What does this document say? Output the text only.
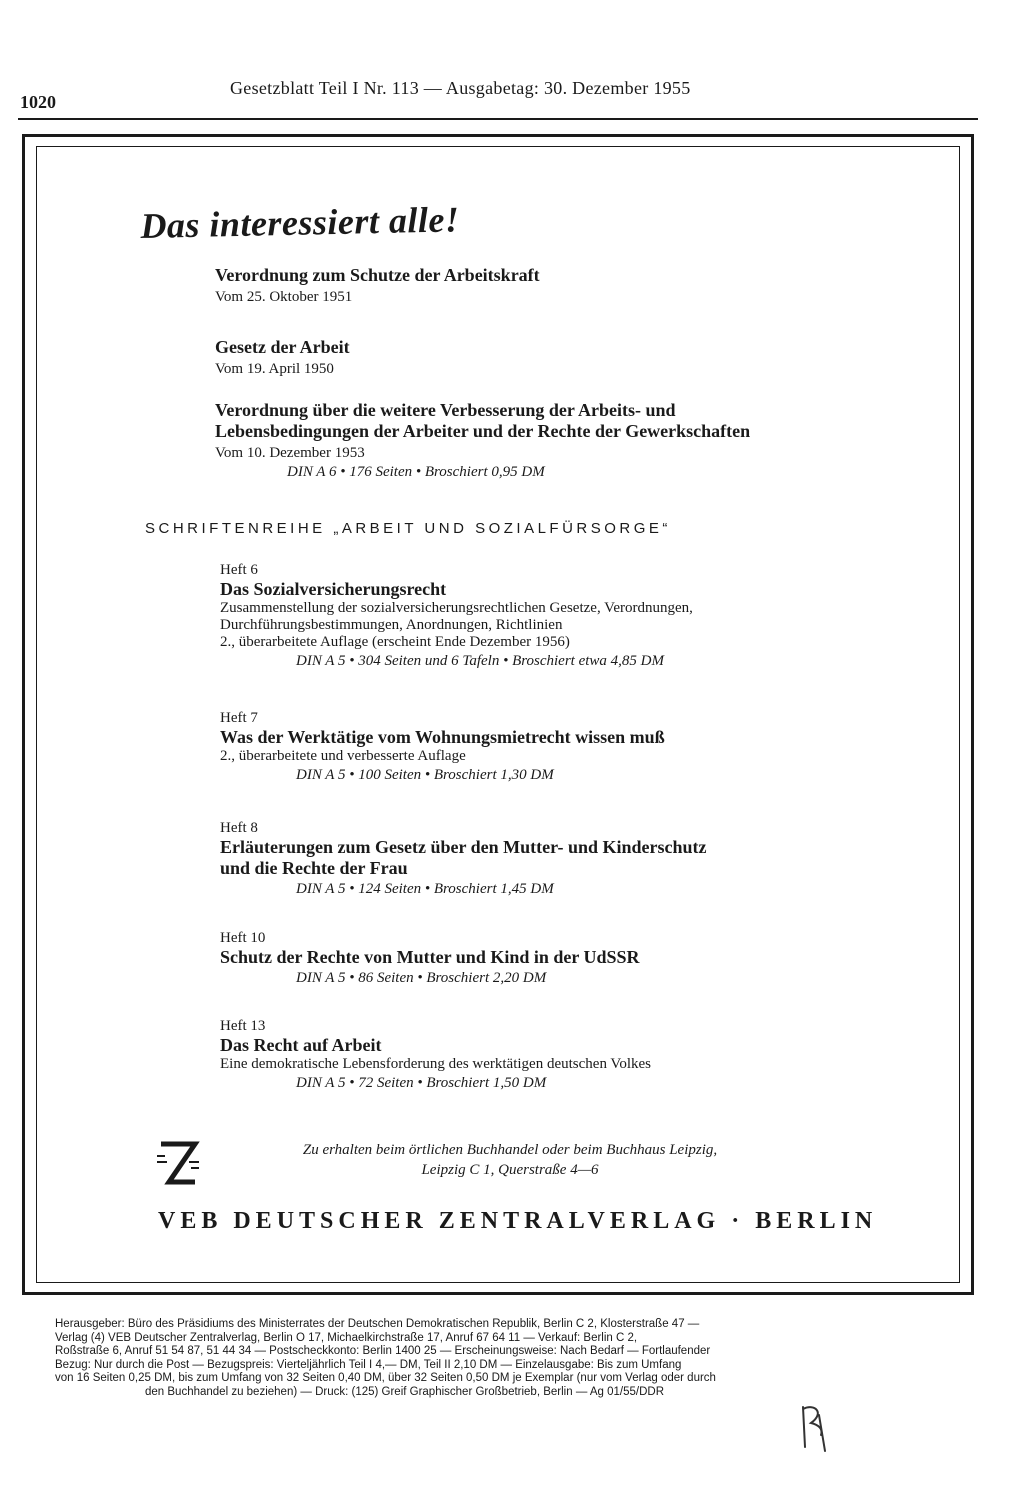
1020
Gesetzblatt Teil I Nr. 113 — Ausgabetag: 30. Dezember 1955
Das interessiert alle!
Verordnung zum Schutze der Arbeitskraft
Vom 25. Oktober 1951
Gesetz der Arbeit
Vom 19. April 1950
Verordnung über die weitere Verbesserung der Arbeits- und
Lebensbedingungen der Arbeiter und der Rechte der Gewerkschaften
Vom 10. Dezember 1953
DIN A 6 • 176 Seiten • Broschiert 0,95 DM
SCHRIFTENREIHE „ARBEIT UND SOZIALFÜRSORGE“
Heft 6
Das Sozialversicherungsrecht
Zusammenstellung der sozialversicherungsrechtlichen Gesetze, Verordnungen,
Durchführungsbestimmungen, Anordnungen, Richtlinien
2., überarbeitete Auflage (erscheint Ende Dezember 1956)
DIN A 5 • 304 Seiten und 6 Tafeln • Broschiert etwa 4,85 DM
Heft 7
Was der Werktätige vom Wohnungsmietrecht wissen muß
2., überarbeitete und verbesserte Auflage
DIN A 5 • 100 Seiten • Broschiert 1,30 DM
Heft 8
Erläuterungen zum Gesetz über den Mutter- und Kinderschutz
und die Rechte der Frau
DIN A 5 • 124 Seiten • Broschiert 1,45 DM
Heft 10
Schutz der Rechte von Mutter und Kind in der UdSSR
DIN A 5 • 86 Seiten • Broschiert 2,20 DM
Heft 13
Das Recht auf Arbeit
Eine demokratische Lebensforderung des werktätigen deutschen Volkes
DIN A 5 • 72 Seiten • Broschiert 1,50 DM
Zu erhalten beim örtlichen Buchhandel oder beim Buchhaus Leipzig,
Leipzig C 1, Querstraße 4—6
VEB DEUTSCHER ZENTRALVERLAG · BERLIN
Herausgeber: Büro des Präsidiums des Ministerrates der Deutschen Demokratischen Republik, Berlin C 2, Klosterstraße 47 —
Verlag (4) VEB Deutscher Zentralverlag, Berlin O 17, Michaelkirchstraße 17, Anruf 67 64 11 — Verkauf: Berlin C 2,
Roßstraße 6, Anruf 51 54 87, 51 44 34 — Postscheckkonto: Berlin 1400 25 — Erscheinungsweise: Nach Bedarf — Fortlaufender
Bezug: Nur durch die Post — Bezugspreis: Vierteljährlich Teil I 4,— DM, Teil II 2,10 DM — Einzelausgabe: Bis zum Umfang
von 16 Seiten 0,25 DM, bis zum Umfang von 32 Seiten 0,40 DM, über 32 Seiten 0,50 DM je Exemplar (nur vom Verlag oder durch
den Buchhandel zu beziehen) — Druck: (125) Greif Graphischer Großbetrieb, Berlin — Ag 01/55/DDR
